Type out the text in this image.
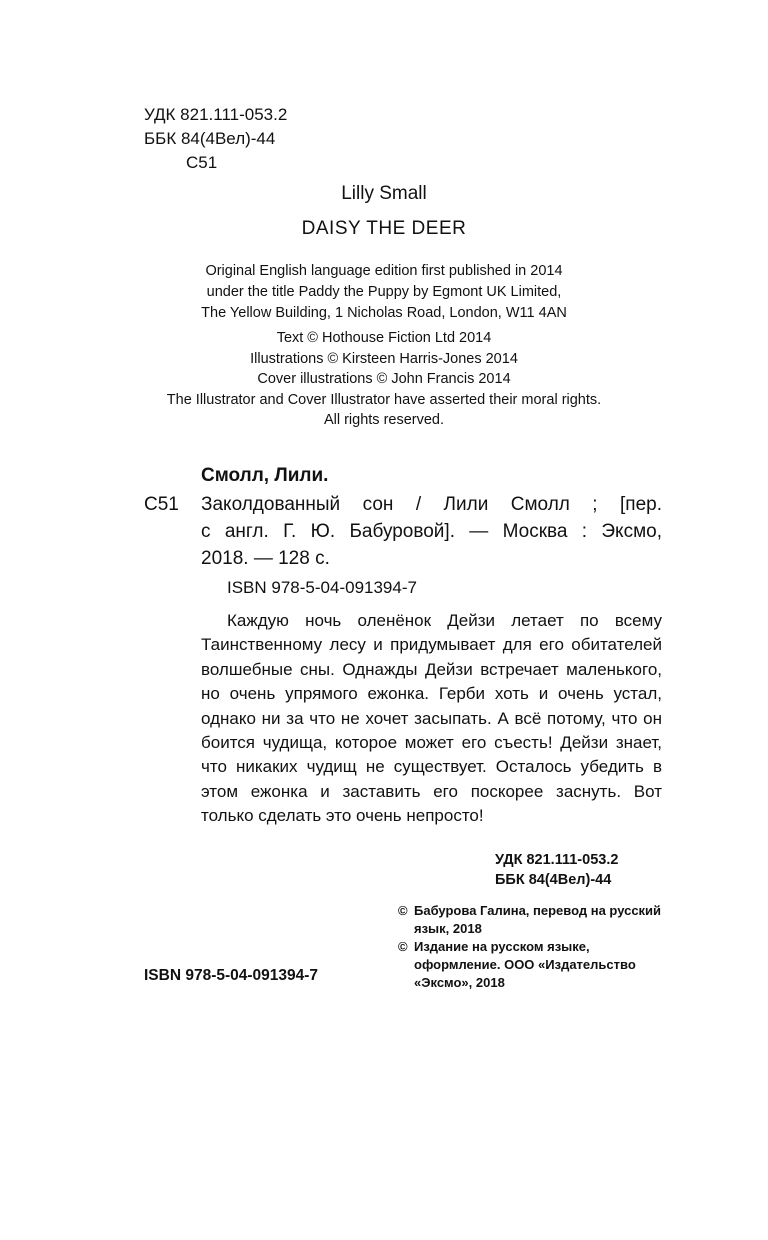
УДК 821.111-053.2
ББК 84(4Вел)-44
С51
Lilly Small
DAISY THE DEER
Original English language edition first published in 2014
under the title Paddy the Puppy by Egmont UK Limited,
The Yellow Building, 1 Nicholas Road, London, W11 4AN
Text © Hothouse Fiction Ltd 2014
Illustrations © Kirsteen Harris-Jones 2014
Cover illustrations © John Francis 2014
The Illustrator and Cover Illustrator have asserted their moral rights.
All rights reserved.
Смолл, Лили.
С51 Заколдованный сон / Лили Смолл ; [пер.
с англ. Г. Ю. Бабуровой]. — Москва : Эксмо,
2018. — 128 с.
ISBN 978-5-04-091394-7

Каждую ночь оленёнок Дейзи летает по всему Таинственному лесу и придумывает для его обитателей волшебные сны. Однажды Дейзи встречает маленького, но очень упрямого ежонка. Герби хоть и очень устал, однако ни за что не хочет засыпать. А всё потому, что он боится чудища, которое может его съесть! Дейзи знает, что никаких чудищ не существует. Осталось убедить в этом ежонка и заставить его поскорее заснуть. Вот только сделать это очень непросто!

УДК 821.111-053.2
ББК 84(4Вел)-44
© Бабурова Галина, перевод на русский язык, 2018
© Издание на русском языке, оформление. ООО «Издательство «Эксмо», 2018
ISBN 978-5-04-091394-7
